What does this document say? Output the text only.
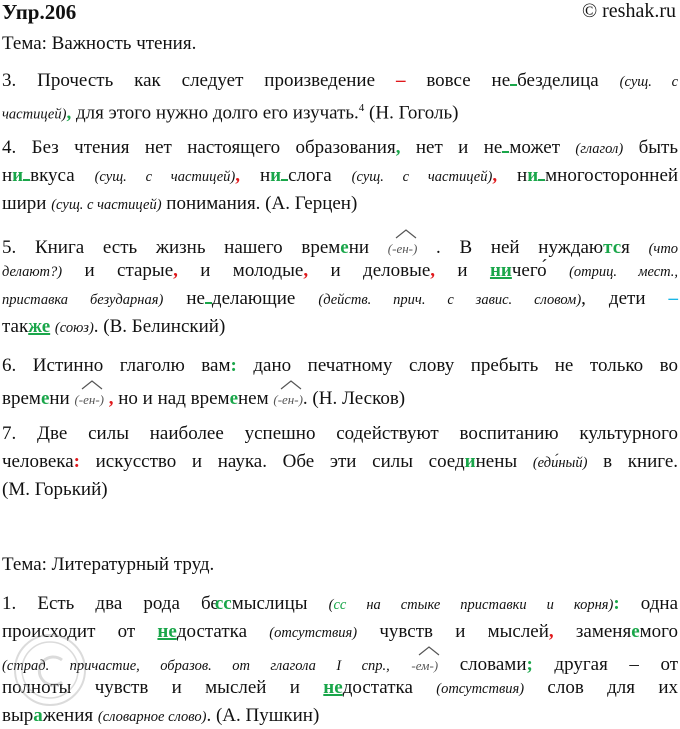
Упр.206	© reshak.ru
Тема: Важность чтения.
3. Прочесть как следует произведение – вовсе не безделица (сущ. с
частицей), для этого нужно долго его изучать.$^4$ (Н. Гоголь)
4. Без чтения нет настоящего образования, нет и не может (глагол) быть
ни вкуса (сущ. с частицей), ни слога (сущ. с частицей), ни многосторонней
шири (сущ. с частицей) понимания. (А. Герцен)
5. Книга есть жизнь нашего времени (-ен-) . В ней нуждаются (что
делают?) и старые, и молодые, и деловые, и ничего́ (отриц. мест.,
приставка безударная) не делающие (действ. прич. с завис. словом), дети –
также (союз). (В. Белинский)
6. Истинно глаголю вам: дано печатному слову пребыть не только во
времени (-ен-) , но и над временем (-ен-). (Н. Лесков)
7. Две силы наиболее успешно содействуют воспитанию культурного
человека: искусство и наука. Обе эти силы соединены (еди́ный) в книге.
(М. Горький)
Тема: Литературный труд.
1. Есть два рода бессмыслицы (сс на стыке приставки и корня): одна
происходит от недостатка (отсутствия) чувств и мыслей, заменяемого
(страд. причастие, образов. от глагола I спр., -ем-) словами; другая – от
полноты чувств и мыслей и недостатка (отсутствия) слов для их
выражения (словарное слово). (А. Пушкин)
